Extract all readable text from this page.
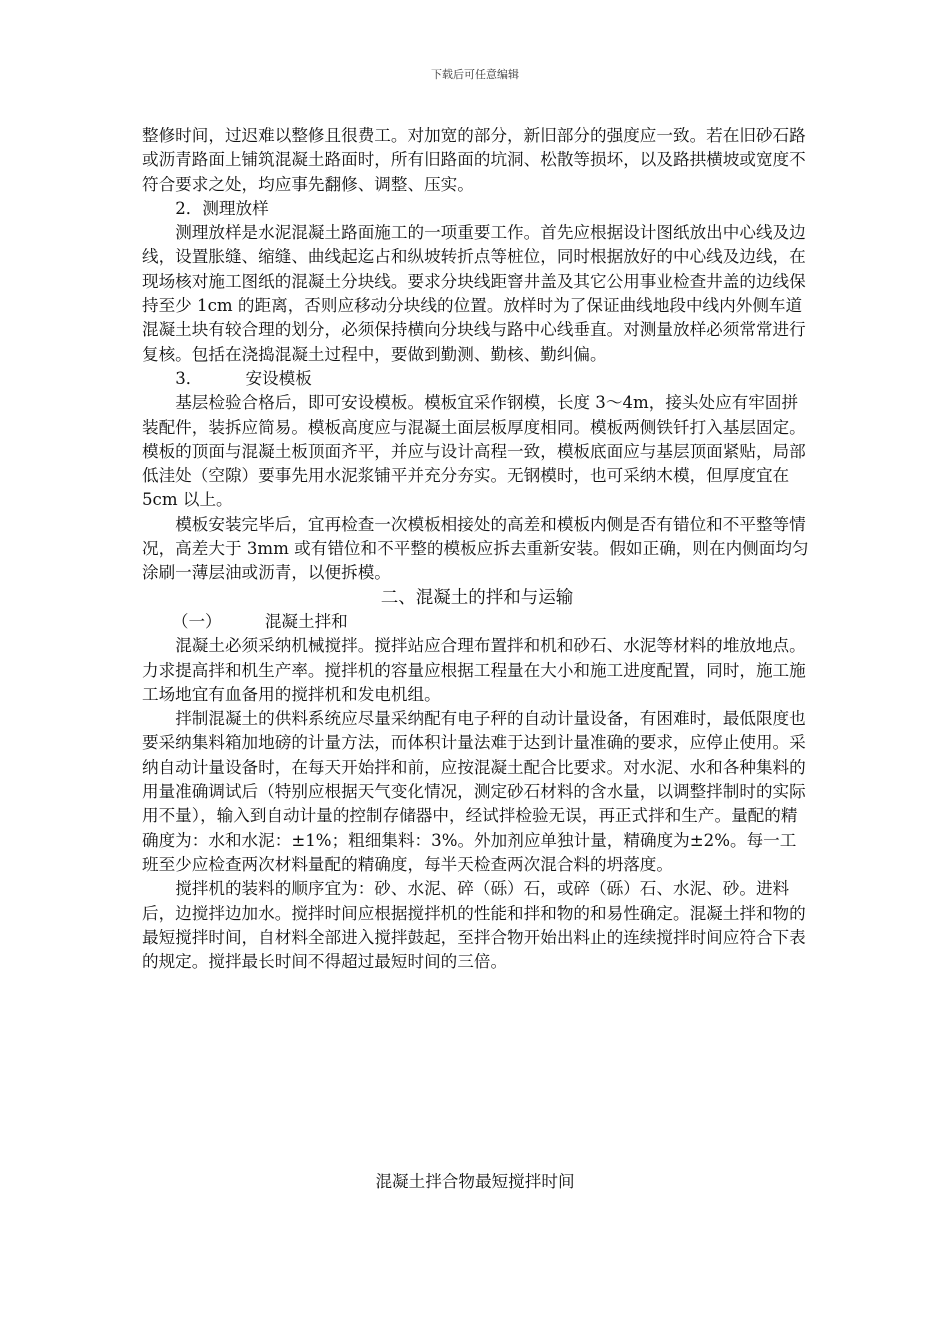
下载后可任意编辑

整修时间，过迟难以整修且很费工。对加宽的部分，新旧部分的强度应一致。若在旧砂石路或沥青路面上铺筑混凝土路面时，所有旧路面的坑洞、松散等损坏，以及路拱横坡或宽度不符合要求之处，均应事先翻修、调整、压实。

2．测理放样

测理放样是水泥混凝土路面施工的一项重要工作。首先应根据设计图纸放出中心线及边线，设置胀缝、缩缝、曲线起迄占和纵坡转折点等桩位，同时根据放好的中心线及边线，在现场核对施工图纸的混凝土分块线。要求分块线距窨井盖及其它公用事业检查井盖的边线保持至少 1cm 的距离，否则应移动分块线的位置。放样时为了保证曲线地段中线内外侧车道混凝土块有较合理的划分，必须保持横向分块线与路中心线垂直。对测量放样必须常常进行复核。包括在浇捣混凝土过程中，要做到勤测、勤核、勤纠偏。

3．	安设模板

基层检验合格后，即可安设模板。模板宜采作钢模，长度 3～4m，接头处应有牢固拼装配件，装拆应简易。模板高度应与混凝土面层板厚度相同。模板两侧铁钎打入基层固定。模板的顶面与混凝土板顶面齐平，并应与设计高程一致，模板底面应与基层顶面紧贴，局部低洼处（空隙）要事先用水泥浆铺平并充分夯实。无钢模时，也可采纳木模，但厚度宜在 5cm 以上。

模板安装完毕后，宜再检查一次模板相接处的高差和模板内侧是否有错位和不平整等情况，高差大于 3mm 或有错位和不平整的模板应拆去重新安装。假如正确，则在内侧面均匀涂刷一薄层油或沥青，以便拆模。

二、混凝土的拌和与运输

（一）	混凝土拌和

混凝土必须采纳机械搅拌。搅拌站应合理布置拌和机和砂石、水泥等材料的堆放地点。力求提高拌和机生产率。搅拌机的容量应根据工程量在大小和施工进度配置，同时，施工施工场地宜有血备用的搅拌机和发电机组。

拌制混凝土的供料系统应尽量采纳配有电子秤的自动计量设备，有困难时，最低限度也要采纳集料箱加地磅的计量方法，而体积计量法难于达到计量准确的要求，应停止使用。采纳自动计量设备时，在每天开始拌和前，应按混凝土配合比要求。对水泥、水和各种集料的用量准确调试后（特别应根据天气变化情况，测定砂石材料的含水量，以调整拌制时的实际用不量），输入到自动计量的控制存储器中，经试拌检验无误，再正式拌和生产。量配的精确度为：水和水泥：±1%；粗细集料：3%。外加剂应单独计量，精确度为±2%。每一工班至少应检查两次材料量配的精确度，每半天检查两次混合料的坍落度。

搅拌机的装料的顺序宜为：砂、水泥、碎（砾）石，或碎（砾）石、水泥、砂。进料后，边搅拌边加水。搅拌时间应根据搅拌机的性能和拌和物的和易性确定。混凝土拌和物的最短搅拌时间，自材料全部进入搅拌鼓起，至拌合物开始出料止的连续搅拌时间应符合下表的规定。搅拌最长时间不得超过最短时间的三倍。

混凝土拌合物最短搅拌时间
